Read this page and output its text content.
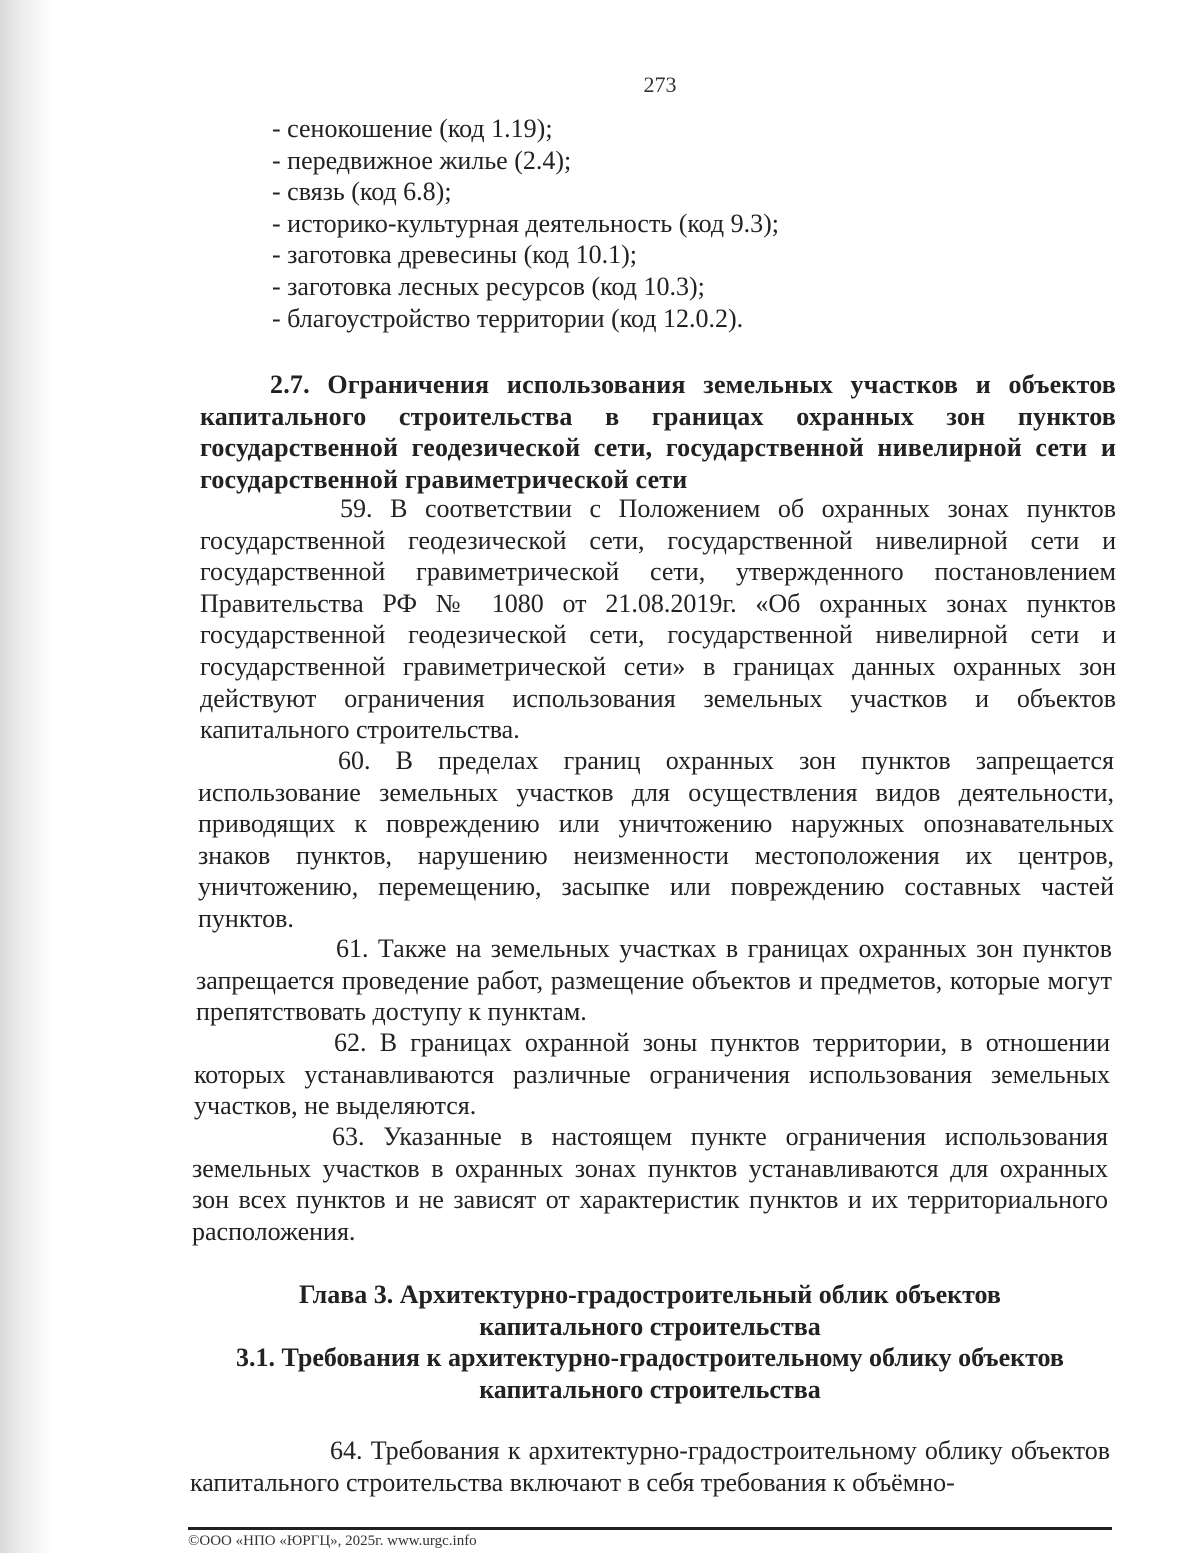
273
- сенокошение (код 1.19);
- передвижное жилье (2.4);
- связь (код 6.8);
- историко-культурная деятельность (код 9.3);
- заготовка древесины (код 10.1);
- заготовка лесных ресурсов (код 10.3);
- благоустройство территории (код 12.0.2).
2.7. Ограничения использования земельных участков и объектов капитального строительства в границах охранных зон пунктов государственной геодезической сети, государственной нивелирной сети и государственной гравиметрической сети
59. В соответствии с Положением об охранных зонах пунктов государственной геодезической сети, государственной нивелирной сети и государственной гравиметрической сети, утвержденного постановлением Правительства РФ № 1080 от 21.08.2019г. «Об охранных зонах пунктов государственной геодезической сети, государственной нивелирной сети и государственной гравиметрической сети» в границах данных охранных зон действуют ограничения использования земельных участков и объектов капитального строительства.
60. В пределах границ охранных зон пунктов запрещается использование земельных участков для осуществления видов деятельности, приводящих к повреждению или уничтожению наружных опознавательных знаков пунктов, нарушению неизменности местоположения их центров, уничтожению, перемещению, засыпке или повреждению составных частей пунктов.
61. Также на земельных участках в границах охранных зон пунктов запрещается проведение работ, размещение объектов и предметов, которые могут препятствовать доступу к пунктам.
62. В границах охранной зоны пунктов территории, в отношении которых устанавливаются различные ограничения использования земельных участков, не выделяются.
63. Указанные в настоящем пункте ограничения использования земельных участков в охранных зонах пунктов устанавливаются для охранных зон всех пунктов и не зависят от характеристик пунктов и их территориального расположения.
Глава 3. Архитектурно-градостроительный облик объектов
капитального строительства
3.1. Требования к архитектурно-градостроительному облику объектов
капитального строительства
64. Требования к архитектурно-градостроительному облику объектов капитального строительства включают в себя требования к объёмно-
©ООО «НПО «ЮРГЦ», 2025г. www.urgc.info
